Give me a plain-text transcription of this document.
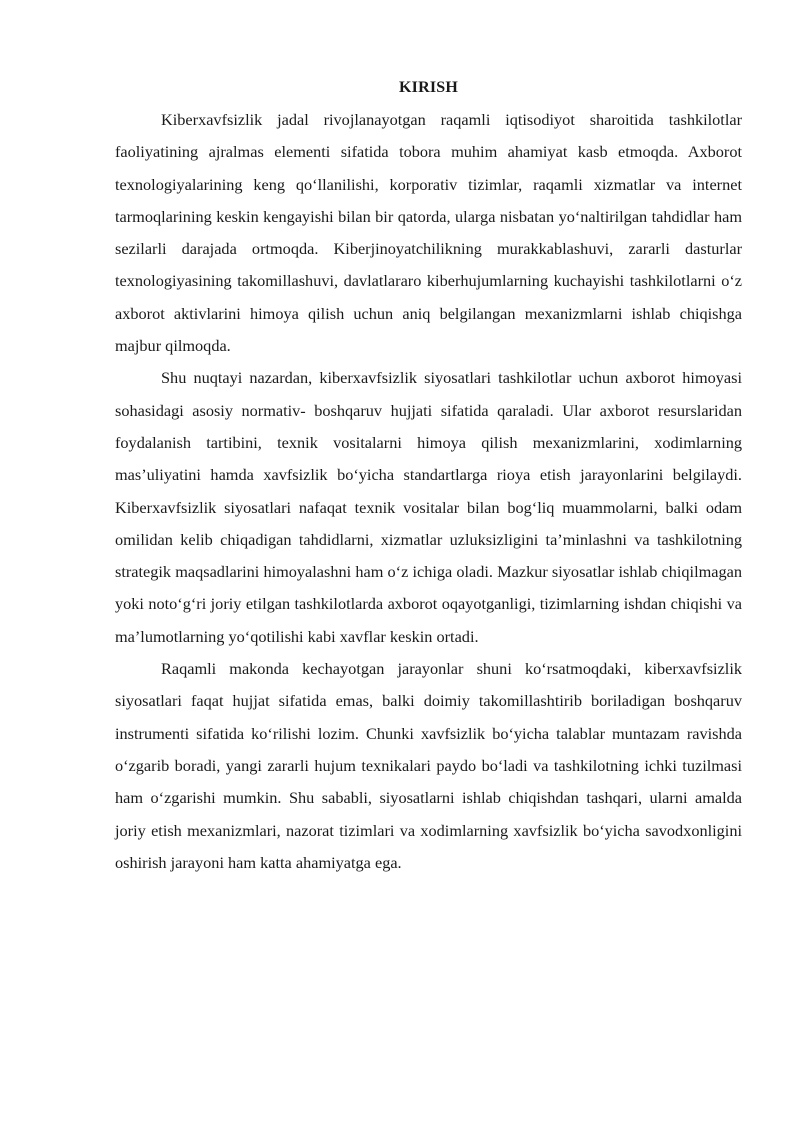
KIRISH

Kiberxavfsizlik jadal rivojlanayotgan raqamli iqtisodiyot sharoitida tashkilotlar faoliyatining ajralmas elementi sifatida tobora muhim ahamiyat kasb etmoqda. Axborot texnologiyalarining keng qo‘llanilishi, korporativ tizimlar, raqamli xizmatlar va internet tarmoqlarining keskin kengayishi bilan bir qatorda, ularga nisbatan yo‘naltirilgan tahdidlar ham sezilarli darajada ortmoqda. Kiberjinoyatchilikning murakkablashuvi, zararli dasturlar texnologiyasining takomillashuvi, davlatlararo kiberhujumlarning kuchayishi tashkilotlarni o‘z axborot aktivlarini himoya qilish uchun aniq belgilangan mexanizmlarni ishlab chiqishga majbur qilmoqda.

Shu nuqtayi nazardan, kiberxavfsizlik siyosatlari tashkilotlar uchun axborot himoyasi sohasidagi asosiy normativ- boshqaruv hujjati sifatida qaraladi. Ular axborot resurslaridan foydalanish tartibini, texnik vositalarni himoya qilish mexanizmlarini, xodimlarning mas’uliyatini hamda xavfsizlik bo‘yicha standartlarga rioya etish jarayonlarini belgilaydi. Kiberxavfsizlik siyosatlari nafaqat texnik vositalar bilan bog‘liq muammolarni, balki odam omilidan kelib chiqadigan tahdidlarni, xizmatlar uzluksizligini ta’minlashni va tashkilotning strategik maqsadlarini himoyalashni ham o‘z ichiga oladi. Mazkur siyosatlar ishlab chiqilmagan yoki noto‘g‘ri joriy etilgan tashkilotlarda axborot oqayotganligi, tizimlarning ishdan chiqishi va ma’lumotlarning yo‘qotilishi kabi xavflar keskin ortadi.

Raqamli makonda kechayotgan jarayonlar shuni ko‘rsatmoqdaki, kiberxavfsizlik siyosatlari faqat hujjat sifatida emas, balki doimiy takomillashtirib boriladigan boshqaruv instrumenti sifatida ko‘rilishi lozim. Chunki xavfsizlik bo‘yicha talablar muntazam ravishda o‘zgarib boradi, yangi zararli hujum texnikalari paydo bo‘ladi va tashkilotning ichki tuzilmasi ham o‘zgarishi mumkin. Shu sababli, siyosatlarni ishlab chiqishdan tashqari, ularni amalda joriy etish mexanizmlari, nazorat tizimlari va xodimlarning xavfsizlik bo‘yicha savodxonligini oshirish jarayoni ham katta ahamiyatga ega.
